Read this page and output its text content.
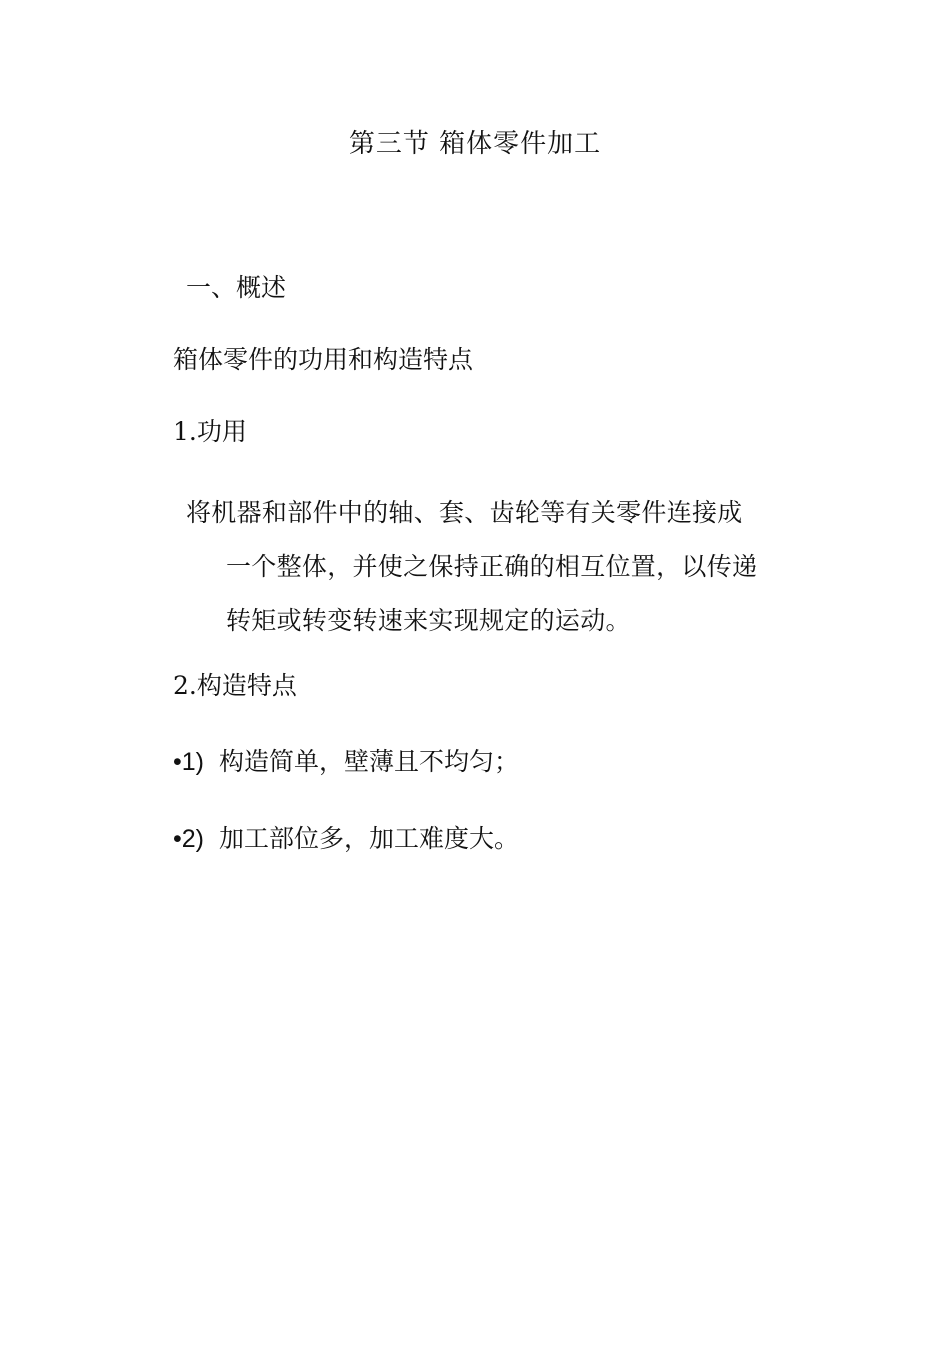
第三节 箱体零件加工
一、概述
箱体零件的功用和构造特点
1.功用
将机器和部件中的轴、套、齿轮等有关零件连接成
一个整体，并使之保持正确的相互位置，以传递
转矩或转变转速来实现规定的运动。
2.构造特点
•1) 构造简单，壁薄且不均匀；
•2) 加工部位多，加工难度大。
